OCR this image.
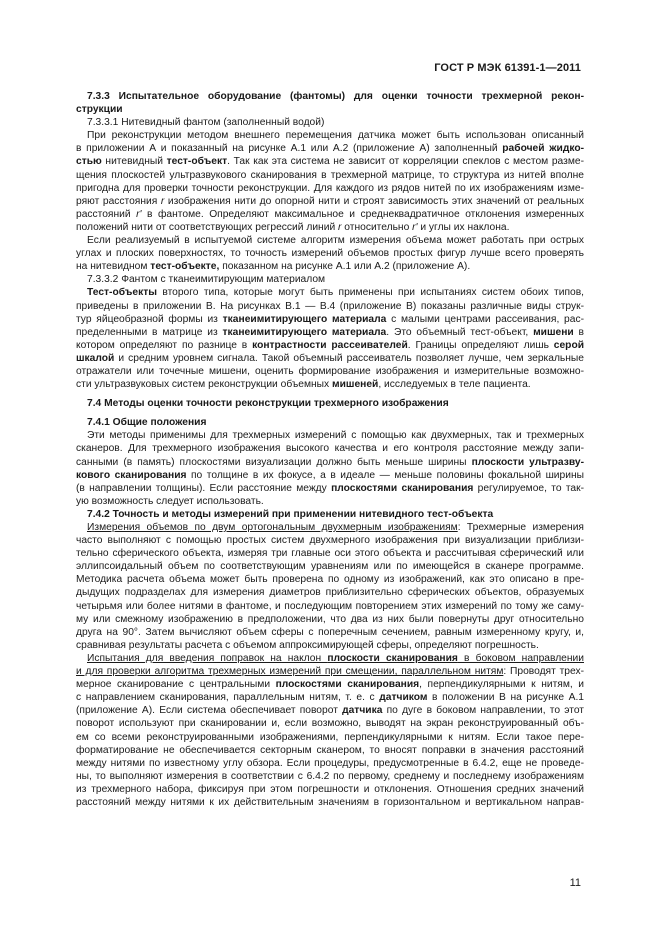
ГОСТ Р МЭК 61391-1—2011
7.3.3 Испытательное оборудование (фантомы) для оценки точности трехмерной рекон-
струкции
7.3.3.1 Нитевидный фантом (заполненный водой)
При реконструкции методом внешнего перемещения датчика может быть использован описанный
в приложении А и показанный на рисунке А.1 или А.2 (приложение А) заполненный рабочей жидко-
стью нитевидный тест-объект. Так как эта система не зависит от корреляции спеклов с местом разме-
щения плоскостей ультразвукового сканирования в трехмерной матрице, то структура из нитей вполне
пригодна для проверки точности реконструкции. Для каждого из рядов нитей по их изображениям изме-
ряют расстояния r изображения нити до опорной нити и строят зависимость этих значений от реальных
расстояний r' в фантоме. Определяют максимальное и среднеквадратичное отклонения измеренных
положений нити от соответствующих регрессий линий r относительно r' и углы их наклона.
Если реализуемый в испытуемой системе алгоритм измерения объема может работать при острых
углах и плоских поверхностях, то точность измерений объемов простых фигур лучше всего проверять
на нитевидном тест-объекте, показанном на рисунке А.1 или А.2 (приложение А).
7.3.3.2 Фантом с тканеимитирующим материалом
Тест-объекты второго типа, которые могут быть применены при испытаниях систем обоих типов,
приведены в приложении В. На рисунках В.1 — В.4 (приложение В) показаны различные виды струк-
тур яйцеобразной формы из тканеимитирующего материала с малыми центрами рассеивания, рас-
пределенными в матрице из тканеимитирующего материала. Это объемный тест-объект, мишени в
котором определяют по разнице в контрастности рассеивателей. Границы определяют лишь серой
шкалой и средним уровнем сигнала. Такой объемный рассеиватель позволяет лучше, чем зеркальные
отражатели или точечные мишени, оценить формирование изображения и измерительные возможно-
сти ультразвуковых систем реконструкции объемных мишеней, исследуемых в теле пациента.
7.4 Методы оценки точности реконструкции трехмерного изображения
7.4.1 Общие положения
Эти методы применимы для трехмерных измерений с помощью как двухмерных, так и трехмерных
сканеров. Для трехмерного изображения высокого качества и его контроля расстояние между запи-
санными (в память) плоскостями визуализации должно быть меньше ширины плоскости ультразву-
кового сканирования по толщине в их фокусе, а в идеале — меньше половины фокальной ширины
(в направлении толщины). Если расстояние между плоскостями сканирования регулируемое, то так-
ую возможность следует использовать.
7.4.2 Точность и методы измерений при применении нитевидного тест-объекта
Измерения объемов по двум ортогональным двухмерным изображениям: Трехмерные измерения
часто выполняют с помощью простых систем двухмерного изображения при визуализации приблизи-
тельно сферического объекта, измеряя три главные оси этого объекта и рассчитывая сферический или
эллипсоидальный объем по соответствующим уравнениям или по имеющейся в сканере программе.
Методика расчета объема может быть проверена по одному из изображений, как это описано в пре-
дыдущих подразделах для измерения диаметров приблизительно сферических объектов, образуемых
четырьмя или более нитями в фантоме, и последующим повторением этих измерений по тому же саму-
му или смежному изображению в предположении, что два из них были повернуты друг относительно
друга на 90°. Затем вычисляют объем сферы с поперечным сечением, равным измеренному кругу, и,
сравнивая результаты расчета с объемом аппроксимирующей сферы, определяют погрешность.
Испытания для введения поправок на наклон плоскости сканирования в боковом направлении
и для проверки алгоритма трехмерных измерений при смещении, параллельном нитям: Проводят трех-
мерное сканирование с центральными плоскостями сканирования, перпендикулярными к нитям, и
с направлением сканирования, параллельным нитям, т. е. с датчиком в положении В на рисунке А.1
(приложение А). Если система обеспечивает поворот датчика по дуге в боковом направлении, то этот
поворот используют при сканировании и, если возможно, выводят на экран реконструированный объ-
ем со всеми реконструированными изображениями, перпендикулярными к нитям. Если такое пере-
форматирование не обеспечивается секторным сканером, то вносят поправки в значения расстояний
между нитями по известному углу обзора. Если процедуры, предусмотренные в 6.4.2, еще не проведе-
ны, то выполняют измерения в соответствии с 6.4.2 по первому, среднему и последнему изображениям
из трехмерного набора, фиксируя при этом погрешности и отклонения. Отношения средних значений
расстояний между нитями к их действительным значениям в горизонтальном и вертикальном направ-
11
